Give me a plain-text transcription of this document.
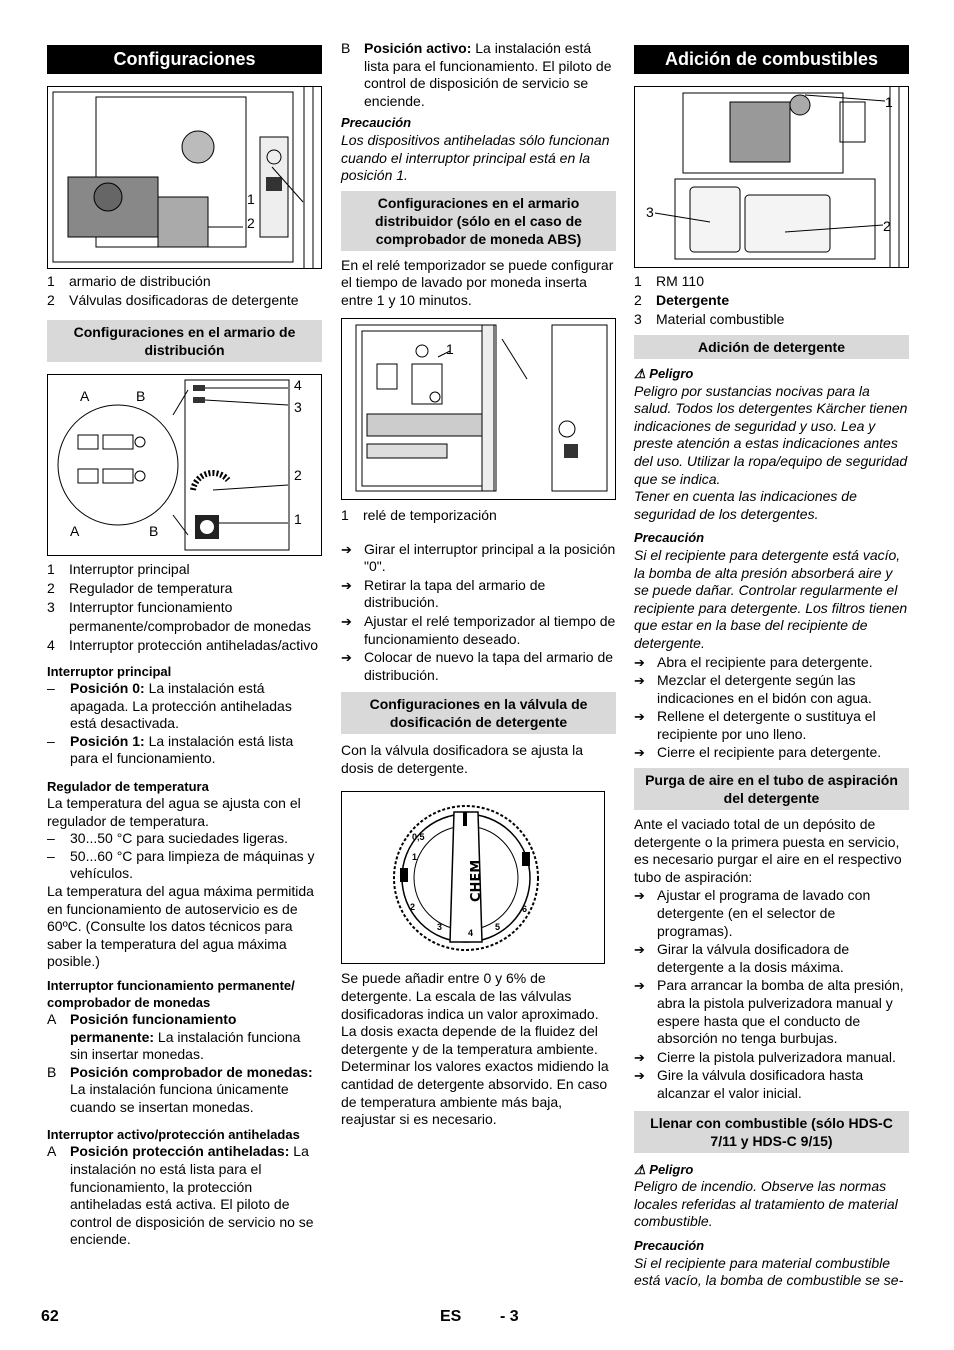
Configuraciones
1
2
1	armario de distribución
2	Válvulas dosificadoras de detergente
Configuraciones en el armario de distribución
A	B
A	B
4
3
2
1
1	Interruptor principal
2	Regulador de temperatura
3	Interruptor funcionamiento permanente/comprobador de monedas
4	Interruptor protección antiheladas/activo
Interruptor principal
–	Posición 0: La instalación está apagada. La protección antiheladas está desactivada.
–	Posición 1: La instalación está lista para el funcionamiento.
Regulador de temperatura

La temperatura del agua se ajusta con el regulador de temperatura.

–	30...50 °C para suciedades ligeras.
–	50...60 °C para limpieza de máquinas y vehículos.

La temperatura del agua máxima permitida en funcionamiento de autoservicio es de 60ºC. (Consulte los datos técnicos para saber la temperatura del agua máxima posible.)

Interruptor funcionamiento permanente/ comprobador de monedas
A Posición funcionamiento permanente: La instalación funciona sin insertar monedas.
B Posición comprobador de monedas: La instalación funciona únicamente cuando se insertan monedas.
Interruptor activo/protección antiheladas
A Posición protección antiheladas: La instalación no está lista para el funcionamiento, la protección antiheladas está activa. El piloto de control de disposición de servicio no se enciende.
B Posición activo: La instalación está lista para el funcionamiento. El piloto de control de disposición de servicio se enciende.
Precaución

Los dispositivos antiheladas sólo funcionan cuando el interruptor principal está en la posición 1.

Configuraciones en el armario distribuidor (sólo en el caso de comprobador de moneda ABS)

En el relé temporizador se puede configurar el tiempo de lavado por moneda inserta entre 1 y 10 minutos.

1
1	relé de temporización
➔ Girar el interruptor principal a la posición "0".
➔ Retirar la tapa del armario de distribución.
➔ Ajustar el relé temporizador al tiempo de funcionamiento deseado.
➔ Colocar de nuevo la tapa del armario de distribución.
Configuraciones en la válvula de dosificación de detergente

Con la válvula dosificadora se ajusta la dosis de detergente.

CHEM
0,5
1
2
3
4
5
6

Se puede añadir entre 0 y 6% de detergente. La escala de las válvulas dosificadoras indica un valor aproximado. La dosis exacta depende de la fluidez del detergente y de la temperatura ambiente. Determinar los valores exactos midiendo la cantidad de detergente absorvido. En caso de temperatura ambiente más baja, reajustar si es necesario.

Adición de combustibles
1
2
3
1	RM 110
2	Detergente
3	Material combustible
Adición de detergente
⚠ Peligro

Peligro por sustancias nocivas para la salud. Todos los detergentes Kärcher tienen indicaciones de seguridad y uso. Lea y preste atención a estas indicaciones antes del uso. Utilizar la ropa/equipo de seguridad que se indica.

Tener en cuenta las indicaciones de seguridad de los detergentes.

Precaución

Si el recipiente para detergente está vacío, la bomba de alta presión absorberá aire y se puede dañar. Controlar regularmente el recipiente para detergente. Los filtros tienen que estar en la base del recipiente de detergente.

➔ Abra el recipiente para detergente.
➔ Mezclar el detergente según las indicaciones en el bidón con agua.
➔ Rellene el detergente o sustituya el recipiente por uno lleno.
➔ Cierre el recipiente para detergente.
Purga de aire en el tubo de aspiración del detergente

Ante el vaciado total de un depósito de detergente o la primera puesta en servicio, es necesario purgar el aire en el respectivo tubo de aspiración:

➔ Ajustar el programa de lavado con detergente (en el selector de programas).
➔ Girar la válvula dosificadora de detergente a la dosis máxima.
➔ Para arrancar la bomba de alta presión, abra la pistola pulverizadora manual y espere hasta que el conducto de absorción no tenga burbujas.
➔ Cierre la pistola pulverizadora manual.
➔ Gire la válvula dosificadora hasta alcanzar el valor inicial.
Llenar con combustible (sólo HDS-C 7/11 y HDS-C 9/15)
⚠ Peligro

Peligro de incendio. Observe las normas locales referidas al tratamiento de material combustible.

Precaución

Si el recipiente para material combustible está vacío, la bomba de combustible se se-

62	ES - 3
